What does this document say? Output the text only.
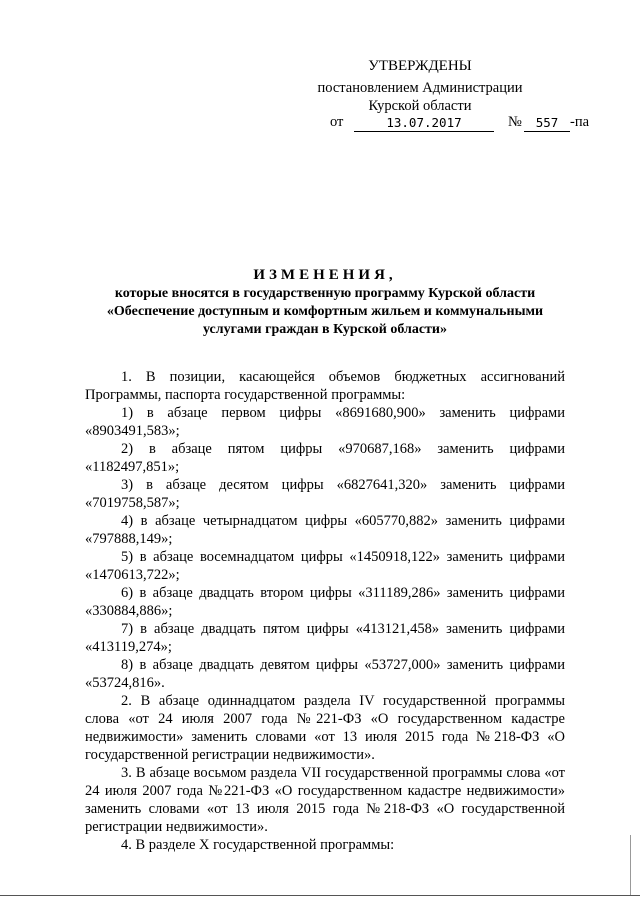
УТВЕРЖДЕНЫ
постановлением Администрации
Курской области
от	13.07.2017	№	557 -па
ИЗМЕНЕНИЯ,
которые вносятся в государственную программу Курской области «Обеспечение доступным и комфортным жильем и коммунальными услугами граждан в Курской области»
1. В позиции, касающейся объемов бюджетных ассигнований Программы, паспорта государственной программы:
1) в абзаце первом цифры «8691680,900» заменить цифрами «8903491,583»;
2) в абзаце пятом цифры «970687,168» заменить цифрами «1182497,851»;
3) в абзаце десятом цифры «6827641,320» заменить цифрами «7019758,587»;
4) в абзаце четырнадцатом цифры «605770,882» заменить цифрами «797888,149»;
5) в абзаце восемнадцатом цифры «1450918,122» заменить цифрами «1470613,722»;
6) в абзаце двадцать втором цифры «311189,286» заменить цифрами «330884,886»;
7) в абзаце двадцать пятом цифры «413121,458» заменить цифрами «413119,274»;
8) в абзаце двадцать девятом цифры «53727,000» заменить цифрами «53724,816».
2. В абзаце одиннадцатом раздела IV государственной программы слова «от 24 июля 2007 года №221-ФЗ «О государственном кадастре недвижимости» заменить словами «от 13 июля 2015 года №218-ФЗ «О государственной регистрации недвижимости».
3. В абзаце восьмом раздела VII государственной программы слова «от 24 июля 2007 года №221-ФЗ «О государственном кадастре недвижимости» заменить словами «от 13 июля 2015 года №218-ФЗ «О государственной регистрации недвижимости».
4. В разделе X государственной программы:
